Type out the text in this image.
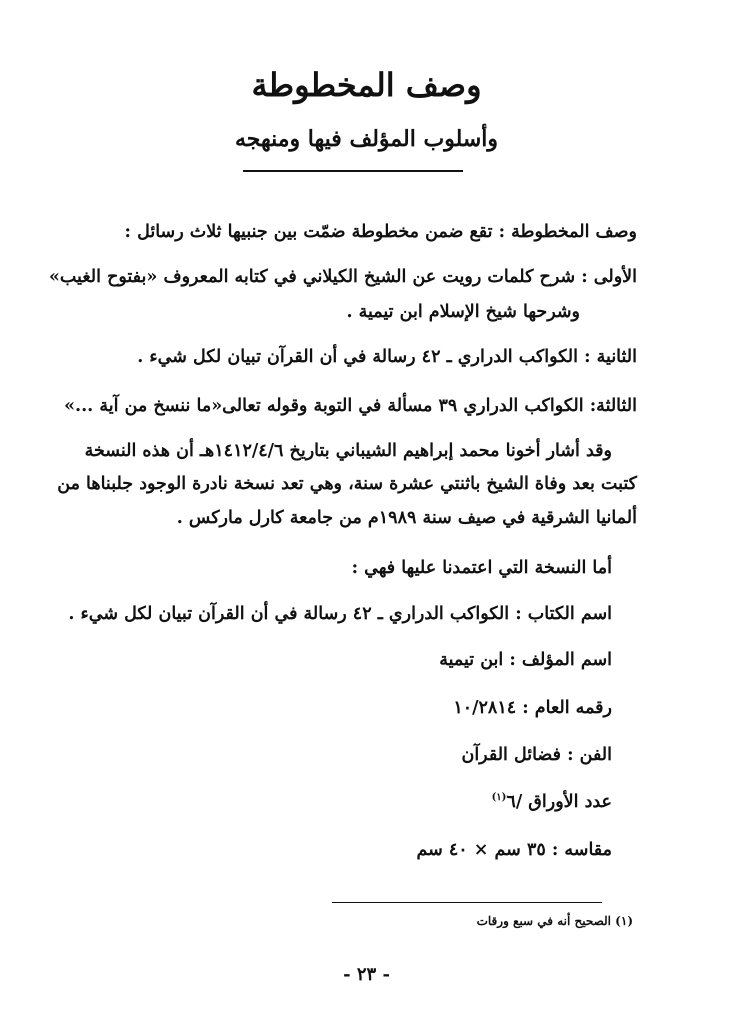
وصف المخطوطة
وأسلوب المؤلف فيها ومنهجه
وصف المخطوطة : تقع ضمن مخطوطة ضمّت بين جنبيها ثلاث رسائل :
الأولى : شرح كلمات رويت عن الشيخ الكيلاني في كتابه المعروف «بفتوح الغيب»
وشرحها شيخ الإسلام ابن تيمية .
الثانية : الكواكب الدراري ـ ٤٢ رسالة في أن القرآن تبيان لكل شيء .
الثالثة: الكواكب الدراري ٣٩ مسألة في التوبة وقوله تعالى«ما ننسخ من آية ...»
وقد أشار أخونا محمد إبراهيم الشيباني بتاريخ ١٤١٢/٤/٦هـ أن هذه النسخة
كتبت بعد وفاة الشيخ باثنتي عشرة سنة، وهي تعد نسخة نادرة الوجود جلبناها من
ألمانيا الشرقية في صيف سنة ١٩٨٩م من جامعة كارل ماركس .
أما النسخة التي اعتمدنا عليها فهي :
اسم الكتاب : الكواكب الدراري ـ ٤٢ رسالة في أن القرآن تبيان لكل شيء .
اسم المؤلف : ابن تيمية
رقمه العام : ١٠/٢٨١٤
الفن : فضائل القرآن
عدد الأوراق /٦$^{(١)}$
مقاسه : ٣٥ سم × ٤٠ سم
(١) الصحيح أنه في سبع ورقات
- ٢٣ -
